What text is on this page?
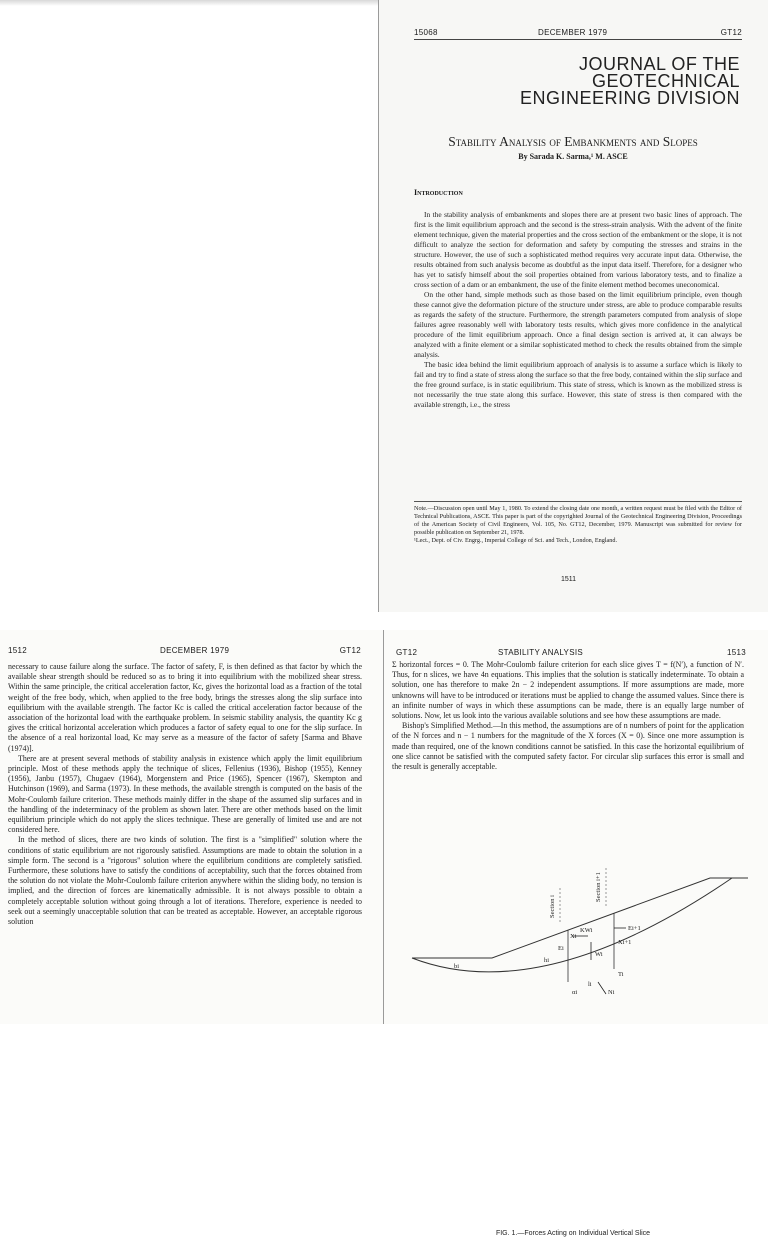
15068	DECEMBER 1979	GT12
JOURNAL OF THE
GEOTECHNICAL
ENGINEERING DIVISION
Stability Analysis of Embankments and Slopes
By Sarada K. Sarma,¹ M. ASCE
Introduction

In the stability analysis of embankments and slopes there are at present two basic lines of approach. The first is the limit equilibrium approach and the second is the stress-strain analysis. With the advent of the finite element technique, given the material properties and the cross section of the embankment or the slope, it is not difficult to analyze the section for deformation and safety by computing the stresses and strains in the structure. However, the use of such a sophisticated method requires very accurate input data. Otherwise, the results obtained from such analysis become as doubtful as the input data itself. Therefore, for a designer who has yet to satisfy himself about the soil properties obtained from various laboratory tests, and to finalize a cross section of a dam or an embankment, the use of the finite element method becomes uneconomical.

On the other hand, simple methods such as those based on the limit equilibrium principle, even though these cannot give the deformation picture of the structure under stress, are able to produce comparable results as regards the safety of the structure. Furthermore, the strength parameters computed from analysis of slope failures agree reasonably well with laboratory tests results, which gives more confidence in the analytical procedure of the limit equilibrium approach. Once a final design section is arrived at, it can always be analyzed with a finite element or a similar sophisticated method to check the results obtained from the simple analysis.

The basic idea behind the limit equilibrium approach of analysis is to assume a surface which is likely to fail and try to find a state of stress along the surface so that the free body, contained within the slip surface and the free ground surface, is in static equilibrium. This state of stress, which is known as the mobilized stress is not necessarily the true state along this surface. However, this state of stress is then compared with the available strength, i.e., the stress

Note.—Discussion open until May 1, 1980. To extend the closing date one month, a written request must be filed with the Editor of Technical Publications, ASCE. This paper is part of the copyrighted Journal of the Geotechnical Engineering Division, Proceedings of the American Society of Civil Engineers, Vol. 105, No. GT12, December, 1979. Manuscript was submitted for review for possible publication on September 21, 1978.

¹Lect., Dept. of Civ. Engrg., Imperial College of Sci. and Tech., London, England.

1511
1512	DECEMBER 1979	GT12

necessary to cause failure along the surface. The factor of safety, F, is then defined as that factor by which the available shear strength should be reduced so as to bring it into equilibrium with the mobilized shear stress. Within the same principle, the critical acceleration factor, Kc, gives the horizontal load as a fraction of the total weight of the free body, which, when applied to the free body, brings the stresses along the slip surface into equilibrium with the available strength. The factor Kc is called the critical acceleration factor because of the association of the horizontal load with the earthquake problem. In seismic stability analysis, the quantity Kc g gives the critical horizontal acceleration which produces a factor of safety equal to one for the slip surface. In the absence of a real horizontal load, Kc may serve as a measure of the factor of safety [Sarma and Bhave (1974)].

There are at present several methods of stability analysis in existence which apply the limit equilibrium principle. Most of these methods apply the technique of slices, Fellenius (1936), Bishop (1955), Kenney (1956), Janbu (1957), Chugaev (1964), Morgenstern and Price (1965), Spencer (1967), Skempton and Hutchinson (1969), and Sarma (1973). In these methods, the available strength is computed on the basis of the Mohr-Coulomb failure criterion. These methods mainly differ in the shape of the assumed slip surfaces and in the handling of the indeterminacy of the problem as shown later. There are other methods based on the limit equilibrium principle which do not apply the slices technique. These are generally of limited use and are not considered here.

In the method of slices, there are two kinds of solution. The first is a "simplified" solution where the conditions of static equilibrium are not rigorously satisfied. Assumptions are made to obtain the solution in a simple form. The second is a "rigorous" solution where the equilibrium conditions are completely satisfied. Furthermore, these solutions have to satisfy the conditions of acceptability, such that the forces obtained from the solution do not violate the Mohr-Coulomb failure criterion anywhere within the sliding body, no tension is implied, and the direction of forces are kinematically admissible. It is not always possible to obtain a completely acceptable solution without going through a lot of iterations. Therefore, experience is needed to seek out a seemingly unacceptable solution that can be treated as acceptable. However, an acceptable rigorous solution

GT12	STABILITY ANALYSIS	1513

Σ horizontal forces = 0. The Mohr-Coulomb failure criterion for each slice gives T = f(N′), a function of N′. Thus, for n slices, we have 4n equations. This implies that the solution is statically indeterminate. To obtain a solution, one has therefore to make 2n − 2 independent assumptions. If more assumptions are made, more unknowns will have to be introduced or iterations must be applied to change the assumed values. Since there is an infinite number of ways in which these assumptions can be made, there is an equally large number of solutions. Now, let us look into the various available solutions and see how these assumptions are made.

Bishop's Simplified Method.—In this method, the assumptions are of n numbers of point for the application of the N forces and n − 1 numbers for the magnitude of the X forces (X = 0). Since one more assumption is made than required, one of the known conditions cannot be satisfied. In this case the horizontal equilibrium of one slice cannot be satisfied with the computed safety factor. For circular slip surfaces this error is small and the result is generally acceptable.

Section i
Section i+1
KWi
Wi
Xi
Ei
Ei+1
Xi+1
Ti
Ni
hi
αi
li
bi
FIG. 1.—Forces Acting on Individual Vertical Slice
